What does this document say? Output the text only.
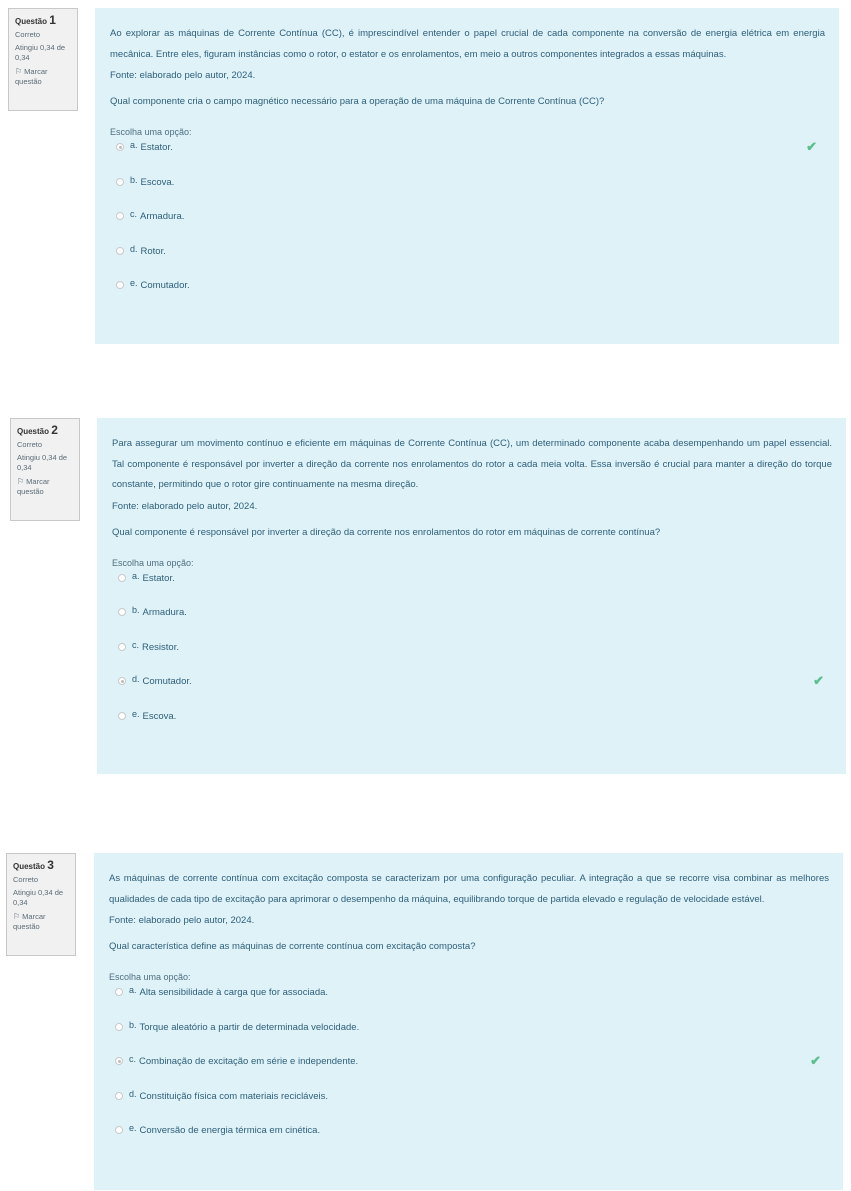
Questão 1
Correto
Atingiu 0,34 de 0,34
⚐ Marcar questão

Ao explorar as máquinas de Corrente Contínua (CC), é imprescindível entender o papel crucial de cada componente na conversão de energia elétrica em energia mecânica. Entre eles, figuram instâncias como o rotor, o estator e os enrolamentos, em meio a outros componentes integrados a essas máquinas.

Fonte: elaborado pelo autor, 2024.

Qual componente cria o campo magnético necessário para a operação de uma máquina de Corrente Contínua (CC)?

Escolha uma opção:

a. Estator.	✔
b. Escova.
c. Armadura.
d. Rotor.
e. Comutador.
Questão 2
Correto
Atingiu 0,34 de 0,34
⚐ Marcar questão

Para assegurar um movimento contínuo e eficiente em máquinas de Corrente Contínua (CC), um determinado componente acaba desempenhando um papel essencial. Tal componente é responsável por inverter a direção da corrente nos enrolamentos do rotor a cada meia volta. Essa inversão é crucial para manter a direção do torque constante, permitindo que o rotor gire continuamente na mesma direção.

Fonte: elaborado pelo autor, 2024.

Qual componente é responsável por inverter a direção da corrente nos enrolamentos do rotor em máquinas de corrente contínua?

Escolha uma opção:

a. Estator.
b. Armadura.
c. Resistor.
d. Comutador.	✔
e. Escova.
Questão 3
Correto
Atingiu 0,34 de 0,34
⚐ Marcar questão

As máquinas de corrente contínua com excitação composta se caracterizam por uma configuração peculiar. A integração a que se recorre visa combinar as melhores qualidades de cada tipo de excitação para aprimorar o desempenho da máquina, equilibrando torque de partida elevado e regulação de velocidade estável.

Fonte: elaborado pelo autor, 2024.

Qual característica define as máquinas de corrente contínua com excitação composta?

Escolha uma opção:

a. Alta sensibilidade à carga que for associada.
b. Torque aleatório a partir de determinada velocidade.
c. Combinação de excitação em série e independente.	✔
d. Constituição física com materiais recicláveis.
e. Conversão de energia térmica em cinética.
